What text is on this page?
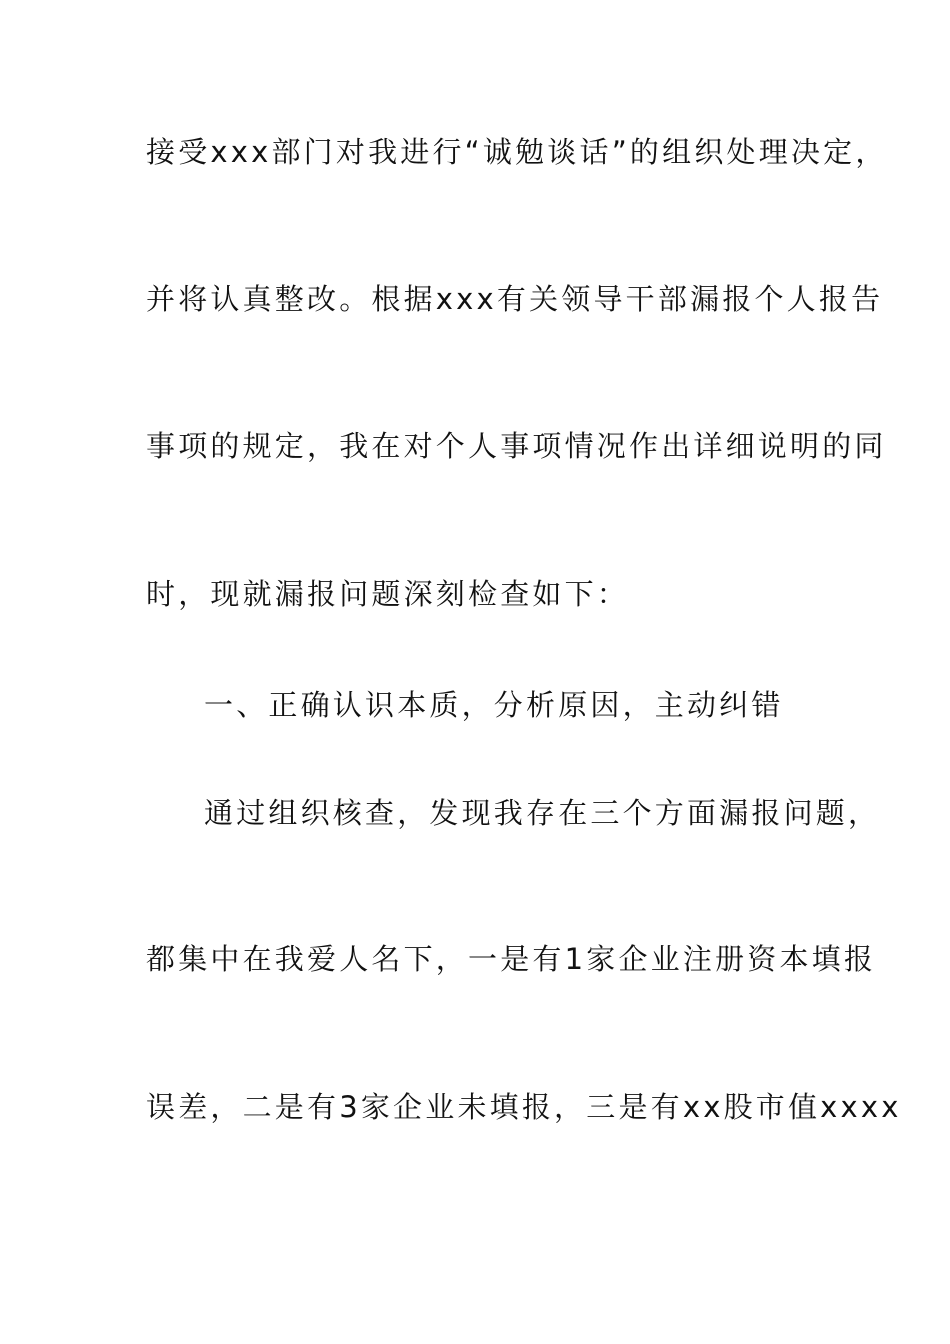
接受xxx部门对我进行“诚勉谈话”的组织处理决定，
并将认真整改。根据xxx有关领导干部漏报个人报告
事项的规定，我在对个人事项情况作出详细说明的同
时，现就漏报问题深刻检查如下：
一、正确认识本质，分析原因，主动纠错
通过组织核查，发现我存在三个方面漏报问题，
都集中在我爱人名下，一是有1家企业注册资本填报
误差，二是有3家企业未填报，三是有xx股市值xxxx
